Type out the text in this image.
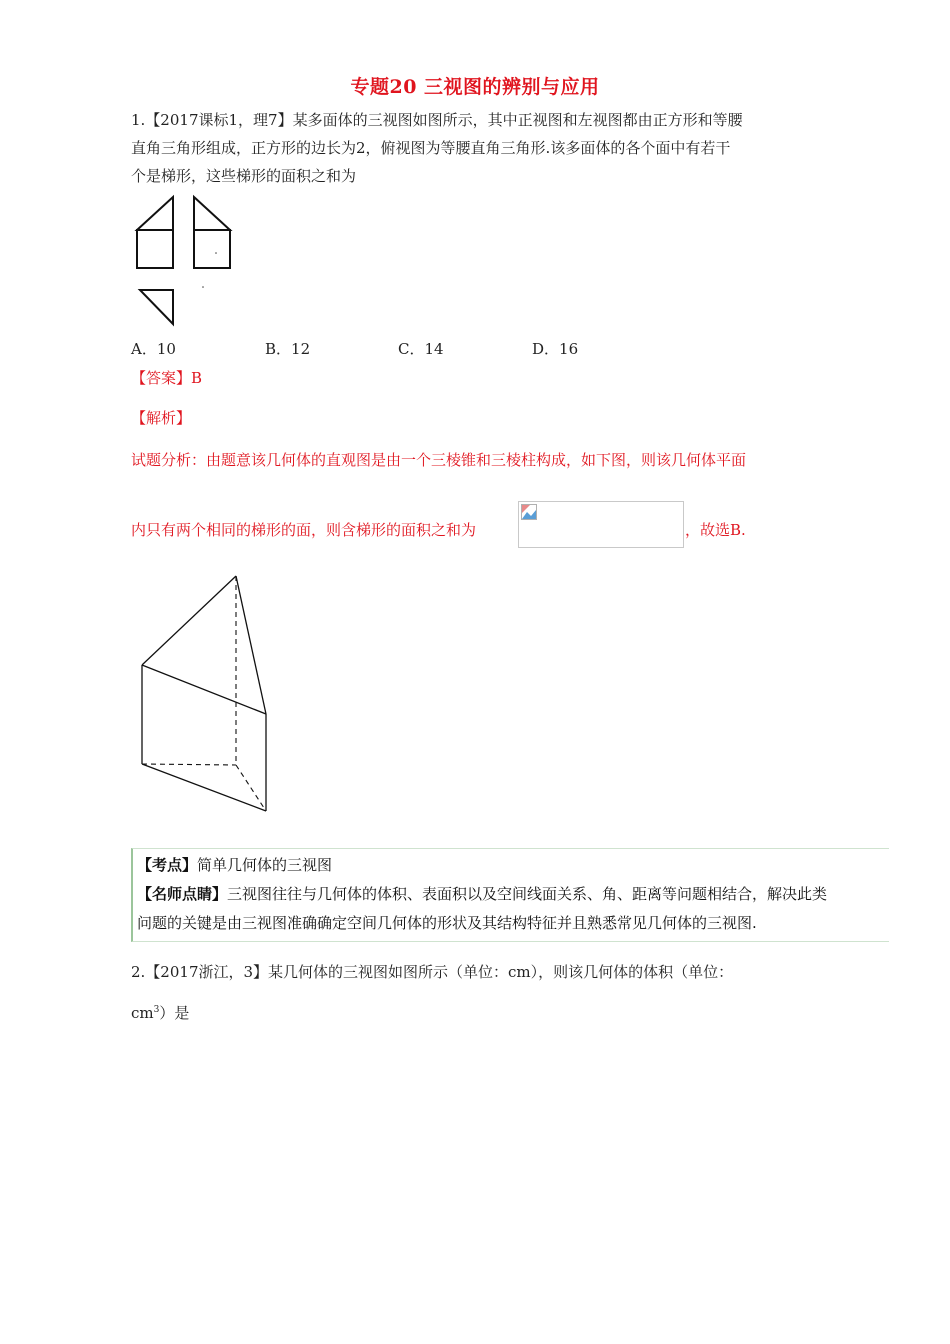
专题20 三视图的辨别与应用
1.【2017课标1，理7】某多面体的三视图如图所示，其中正视图和左视图都由正方形和等腰
直角三角形组成，正方形的边长为2，俯视图为等腰直角三角形.该多面体的各个面中有若干
个是梯形，这些梯形的面积之和为
A．10	B．12	C．14	D．16
【答案】B
【解析】
试题分析：由题意该几何体的直观图是由一个三棱锥和三棱柱构成，如下图，则该几何体平面
内只有两个相同的梯形的面，则含梯形的面积之和为	，故选B.
【考点】简单几何体的三视图
【名师点睛】三视图往往与几何体的体积、表面积以及空间线面关系、角、距离等问题相结合，解决此类
问题的关键是由三视图准确确定空间几何体的形状及其结构特征并且熟悉常见几何体的三视图.
2.【2017浙江，3】某几何体的三视图如图所示（单位：cm），则该几何体的体积（单位：
$cm^3$）是
